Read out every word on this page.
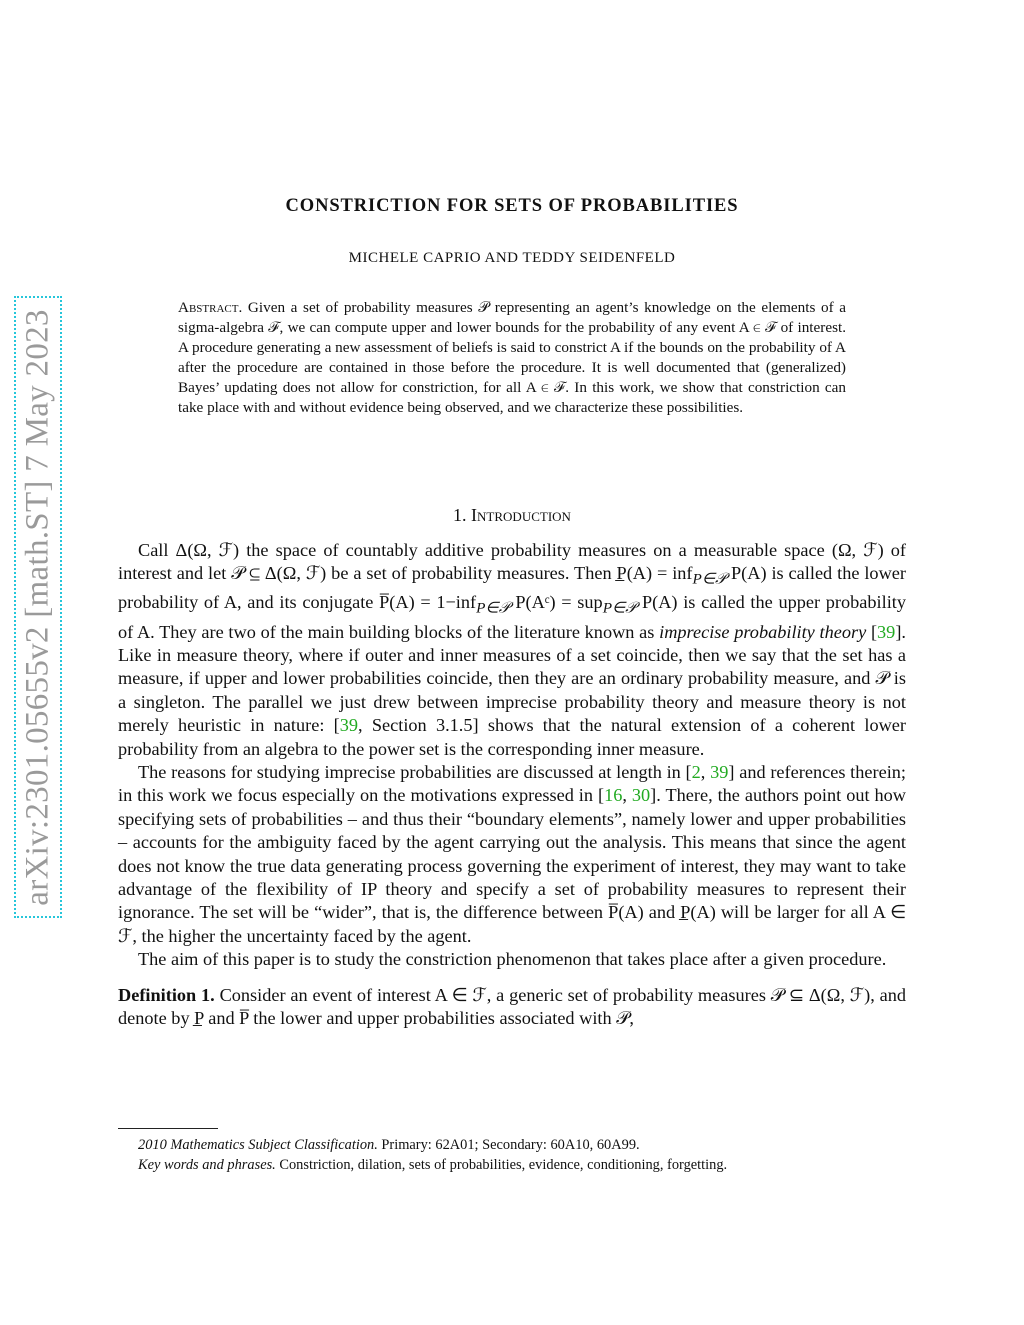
arXiv:2301.05655v2 [math.ST] 7 May 2023
CONSTRICTION FOR SETS OF PROBABILITIES
MICHELE CAPRIO AND TEDDY SEIDENFELD
Abstract. Given a set of probability measures 𝒫 representing an agent’s knowledge on the elements of a sigma-algebra ℱ, we can compute upper and lower bounds for the probability of any event A ∈ ℱ of interest. A procedure generating a new assessment of beliefs is said to constrict A if the bounds on the probability of A after the procedure are contained in those before the procedure. It is well documented that (generalized) Bayes’ updating does not allow for constriction, for all A ∈ ℱ. In this work, we show that constriction can take place with and without evidence being observed, and we characterize these possibilities.
1. Introduction

Call Δ(Ω, ℱ) the space of countably additive probability measures on a measurable space (Ω, ℱ) of interest and let 𝒫 ⊆ Δ(Ω, ℱ) be a set of probability measures. Then P̲(A) = inf$_{P\in 𝒫}$ P(A) is called the lower probability of A, and its conjugate P̅(A) = 1−inf$_{P\in 𝒫}$ P(Aᶜ) = sup$_{P\in 𝒫}$ P(A) is called the upper probability of A. They are two of the main building blocks of the literature known as imprecise probability theory [39]. Like in measure theory, where if outer and inner measures of a set coincide, then we say that the set has a measure, if upper and lower probabilities coincide, then they are an ordinary probability measure, and 𝒫 is a singleton. The parallel we just drew between imprecise probability theory and measure theory is not merely heuristic in nature: [39, Section 3.1.5] shows that the natural extension of a coherent lower probability from an algebra to the power set is the corresponding inner measure.

The reasons for studying imprecise probabilities are discussed at length in [2, 39] and references therein; in this work we focus especially on the motivations expressed in [16, 30]. There, the authors point out how specifying sets of probabilities – and thus their “boundary elements”, namely lower and upper probabilities – accounts for the ambiguity faced by the agent carrying out the analysis. This means that since the agent does not know the true data generating process governing the experiment of interest, they may want to take advantage of the flexibility of IP theory and specify a set of probability measures to represent their ignorance. The set will be “wider”, that is, the difference between P̅(A) and P̲(A) will be larger for all A ∈ ℱ, the higher the uncertainty faced by the agent.

The aim of this paper is to study the constriction phenomenon that takes place after a given procedure.

Definition 1. Consider an event of interest A ∈ ℱ, a generic set of probability measures 𝒫 ⊆ Δ(Ω, ℱ), and denote by P̲ and P̅ the lower and upper probabilities associated with 𝒫,

2010 Mathematics Subject Classification. Primary: 62A01; Secondary: 60A10, 60A99.
Key words and phrases. Constriction, dilation, sets of probabilities, evidence, conditioning, forgetting.
